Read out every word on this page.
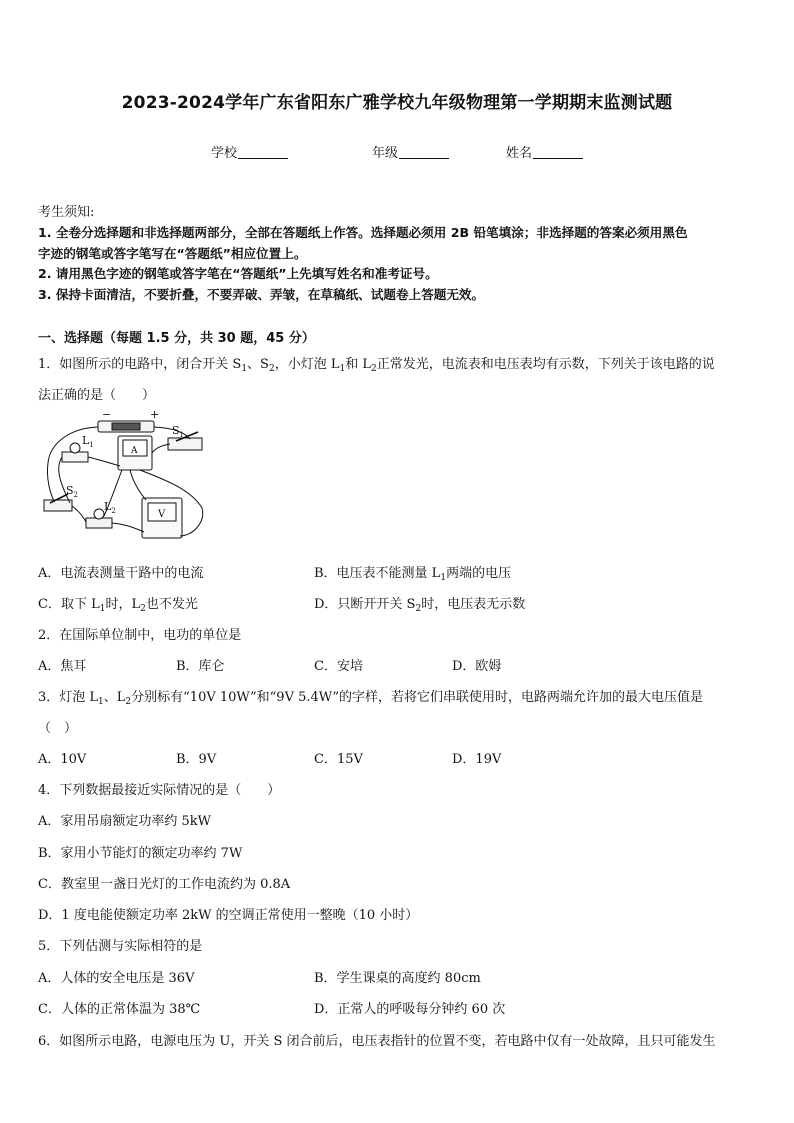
2023-2024学年广东省阳东广雅学校九年级物理第一学期期末监测试题
学校	年级	姓名
考生须知:
1. 全卷分选择题和非选择题两部分，全部在答题纸上作答。选择题必须用 2B 铅笔填涂；非选择题的答案必须用黑色
字迹的钢笔或答字笔写在“答题纸”相应位置上。
2. 请用黑色字迹的钢笔或答字笔在“答题纸”上先填写姓名和准考证号。
3. 保持卡面清洁，不要折叠，不要弄破、弄皱，在草稿纸、试题卷上答题无效。
一、选择题（每题 1.5 分，共 30 题，45 分）
1．如图所示的电路中，闭合开关 $S_1$、$S_2$，小灯泡 $L_1$和 $L_2$正常发光，电流表和电压表均有示数，下列关于该电路的说
法正确的是（　　）
−	+
$S_1$
$L_1$
$S_2$
$L_2$
A
V
A．电流表测量干路中的电流	B．电压表不能测量 $L_1$两端的电压
C．取下 $L_1$时，$L_2$也不发光	D．只断开开关 $S_2$时，电压表无示数
2．在国际单位制中，电功的单位是
A．焦耳	B．库仑	C．安培	D．欧姆
3．灯泡 $L_1$、$L_2$分别标有“10V 10W”和“9V 5.4W”的字样，若将它们串联使用时，电路两端允许加的最大电压值是
（　）
A．10V	B．9V	C．15V	D．19V
4．下列数据最接近实际情况的是（　　）
A．家用吊扇额定功率约 5kW
B．家用小节能灯的额定功率约 7W
C．教室里一盏日光灯的工作电流约为 0.8A
D．1 度电能使额定功率 2kW 的空调正常使用一整晚（10 小时）
5．下列估测与实际相符的是
A．人体的安全电压是 36V	B．学生课桌的高度约 80cm
C．人体的正常体温为 38℃	D．正常人的呼吸每分钟约 60 次
6．如图所示电路，电源电压为 U，开关 S 闭合前后，电压表指针的位置不变，若电路中仅有一处故障，且只可能发生
